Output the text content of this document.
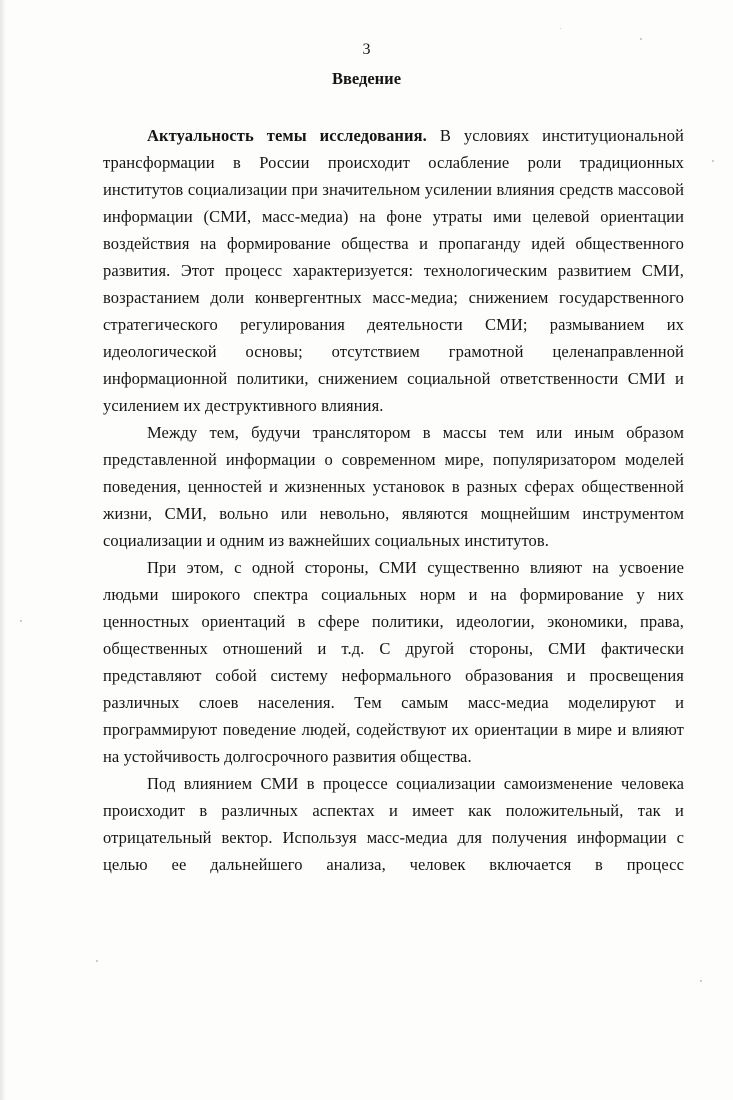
3
Введение

Актуальность темы исследования. В условиях институциональной трансформации в России происходит ослабление роли традиционных институтов социализации при значительном усилении влияния средств массовой информации (СМИ, масс-медиа) на фоне утраты ими целевой ориентации воздействия на формирование общества и пропаганду идей общественного развития. Этот процесс характеризуется: технологическим развитием СМИ, возрастанием доли конвергентных масс-медиа; снижением государственного стратегического регулирования деятельности СМИ; размыванием их идеологической основы; отсутствием грамотной целенаправленной информационной политики, снижением социальной ответственности СМИ и усилением их деструктивного влияния.

Между тем, будучи транслятором в массы тем или иным образом представленной информации о современном мире, популяризатором моделей поведения, ценностей и жизненных установок в разных сферах общественной жизни, СМИ, вольно или невольно, являются мощнейшим инструментом социализации и одним из важнейших социальных институтов.

При этом, с одной стороны, СМИ существенно влияют на усвоение людьми широкого спектра социальных норм и на формирование у них ценностных ориентаций в сфере политики, идеологии, экономики, права, общественных отношений и т.д. С другой стороны, СМИ фактически представляют собой систему неформального образования и просвещения различных слоев населения. Тем самым масс-медиа моделируют и программируют поведение людей, содействуют их ориентации в мире и влияют на устойчивость долгосрочного развития общества.

Под влиянием СМИ в процессе социализации самоизменение человека происходит в различных аспектах и имеет как положительный, так и отрицательный вектор. Используя масс-медиа для получения информации с целью ее дальнейшего анализа, человек включается в процесс
